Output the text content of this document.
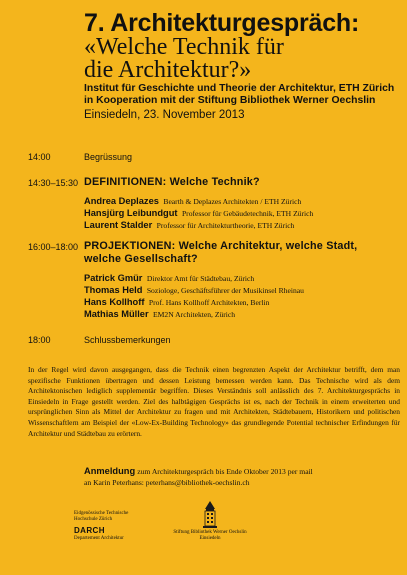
7. Architekturgespräch:
«Welche Technik für
die Architektur?»
Institut für Geschichte und Theorie der Architektur, ETH Zürich
in Kooperation mit der Stiftung Bibliothek Werner Oechslin
Einsiedeln, 23. November 2013
14:00	Begrüssung
14:30–15:30 DEFINITIONEN: Welche Technik?
Andrea Deplazes Bearth & Deplazes Architekten / ETH Zürich
Hansjürg Leibundgut Professor für Gebäudetechnik, ETH Zürich
Laurent Stalder Professor für Architekturtheorie, ETH Zürich
16:00–18:00 PROJEKTIONEN: Welche Architektur, welche Stadt,
welche Gesellschaft?
Patrick Gmür Direktor Amt für Städtebau, Zürich
Thomas Held Soziologe, Geschäftsführer der Musikinsel Rheinau
Hans Kollhoff Prof. Hans Kollhoff Architekten, Berlin
Mathias Müller EM2N Architekten, Zürich
18:00	Schlussbemerkungen

In der Regel wird davon ausgegangen, dass die Technik einen begrenzten Aspekt der Architektur betrifft, dem man spezifische Funktionen übertragen und dessen Leistung bemessen werden kann. Das Technische wird als dem Architektonischen lediglich supplementär begriffen. Dieses Verständnis soll anlässlich des 7. Architekturgesprächs in Einsiedeln in Frage gestellt werden. Ziel des halbtägigen Gesprächs ist es, nach der Technik in einem erweiterten und ursprünglichen Sinn als Mittel der Architektur zu fragen und mit Architekten, Städtebauern, Historikern und politischen Wissenschaftlern am Beispiel der «Low-Ex-Building Technology» das grundlegende Potential technischer Erfindungen für Architektur und Städtebau zu erörtern.

Anmeldung zum Architekturgespräch bis Ende Oktober 2013 per mail
an Karin Peterhans: peterhans@bibliothek-oechslin.ch
Eidgenössische Technische
Hochschule Zürich
DARCH
Departement Architektur
Stiftung Bibliothek Werner Oechslin
Einsiedeln
